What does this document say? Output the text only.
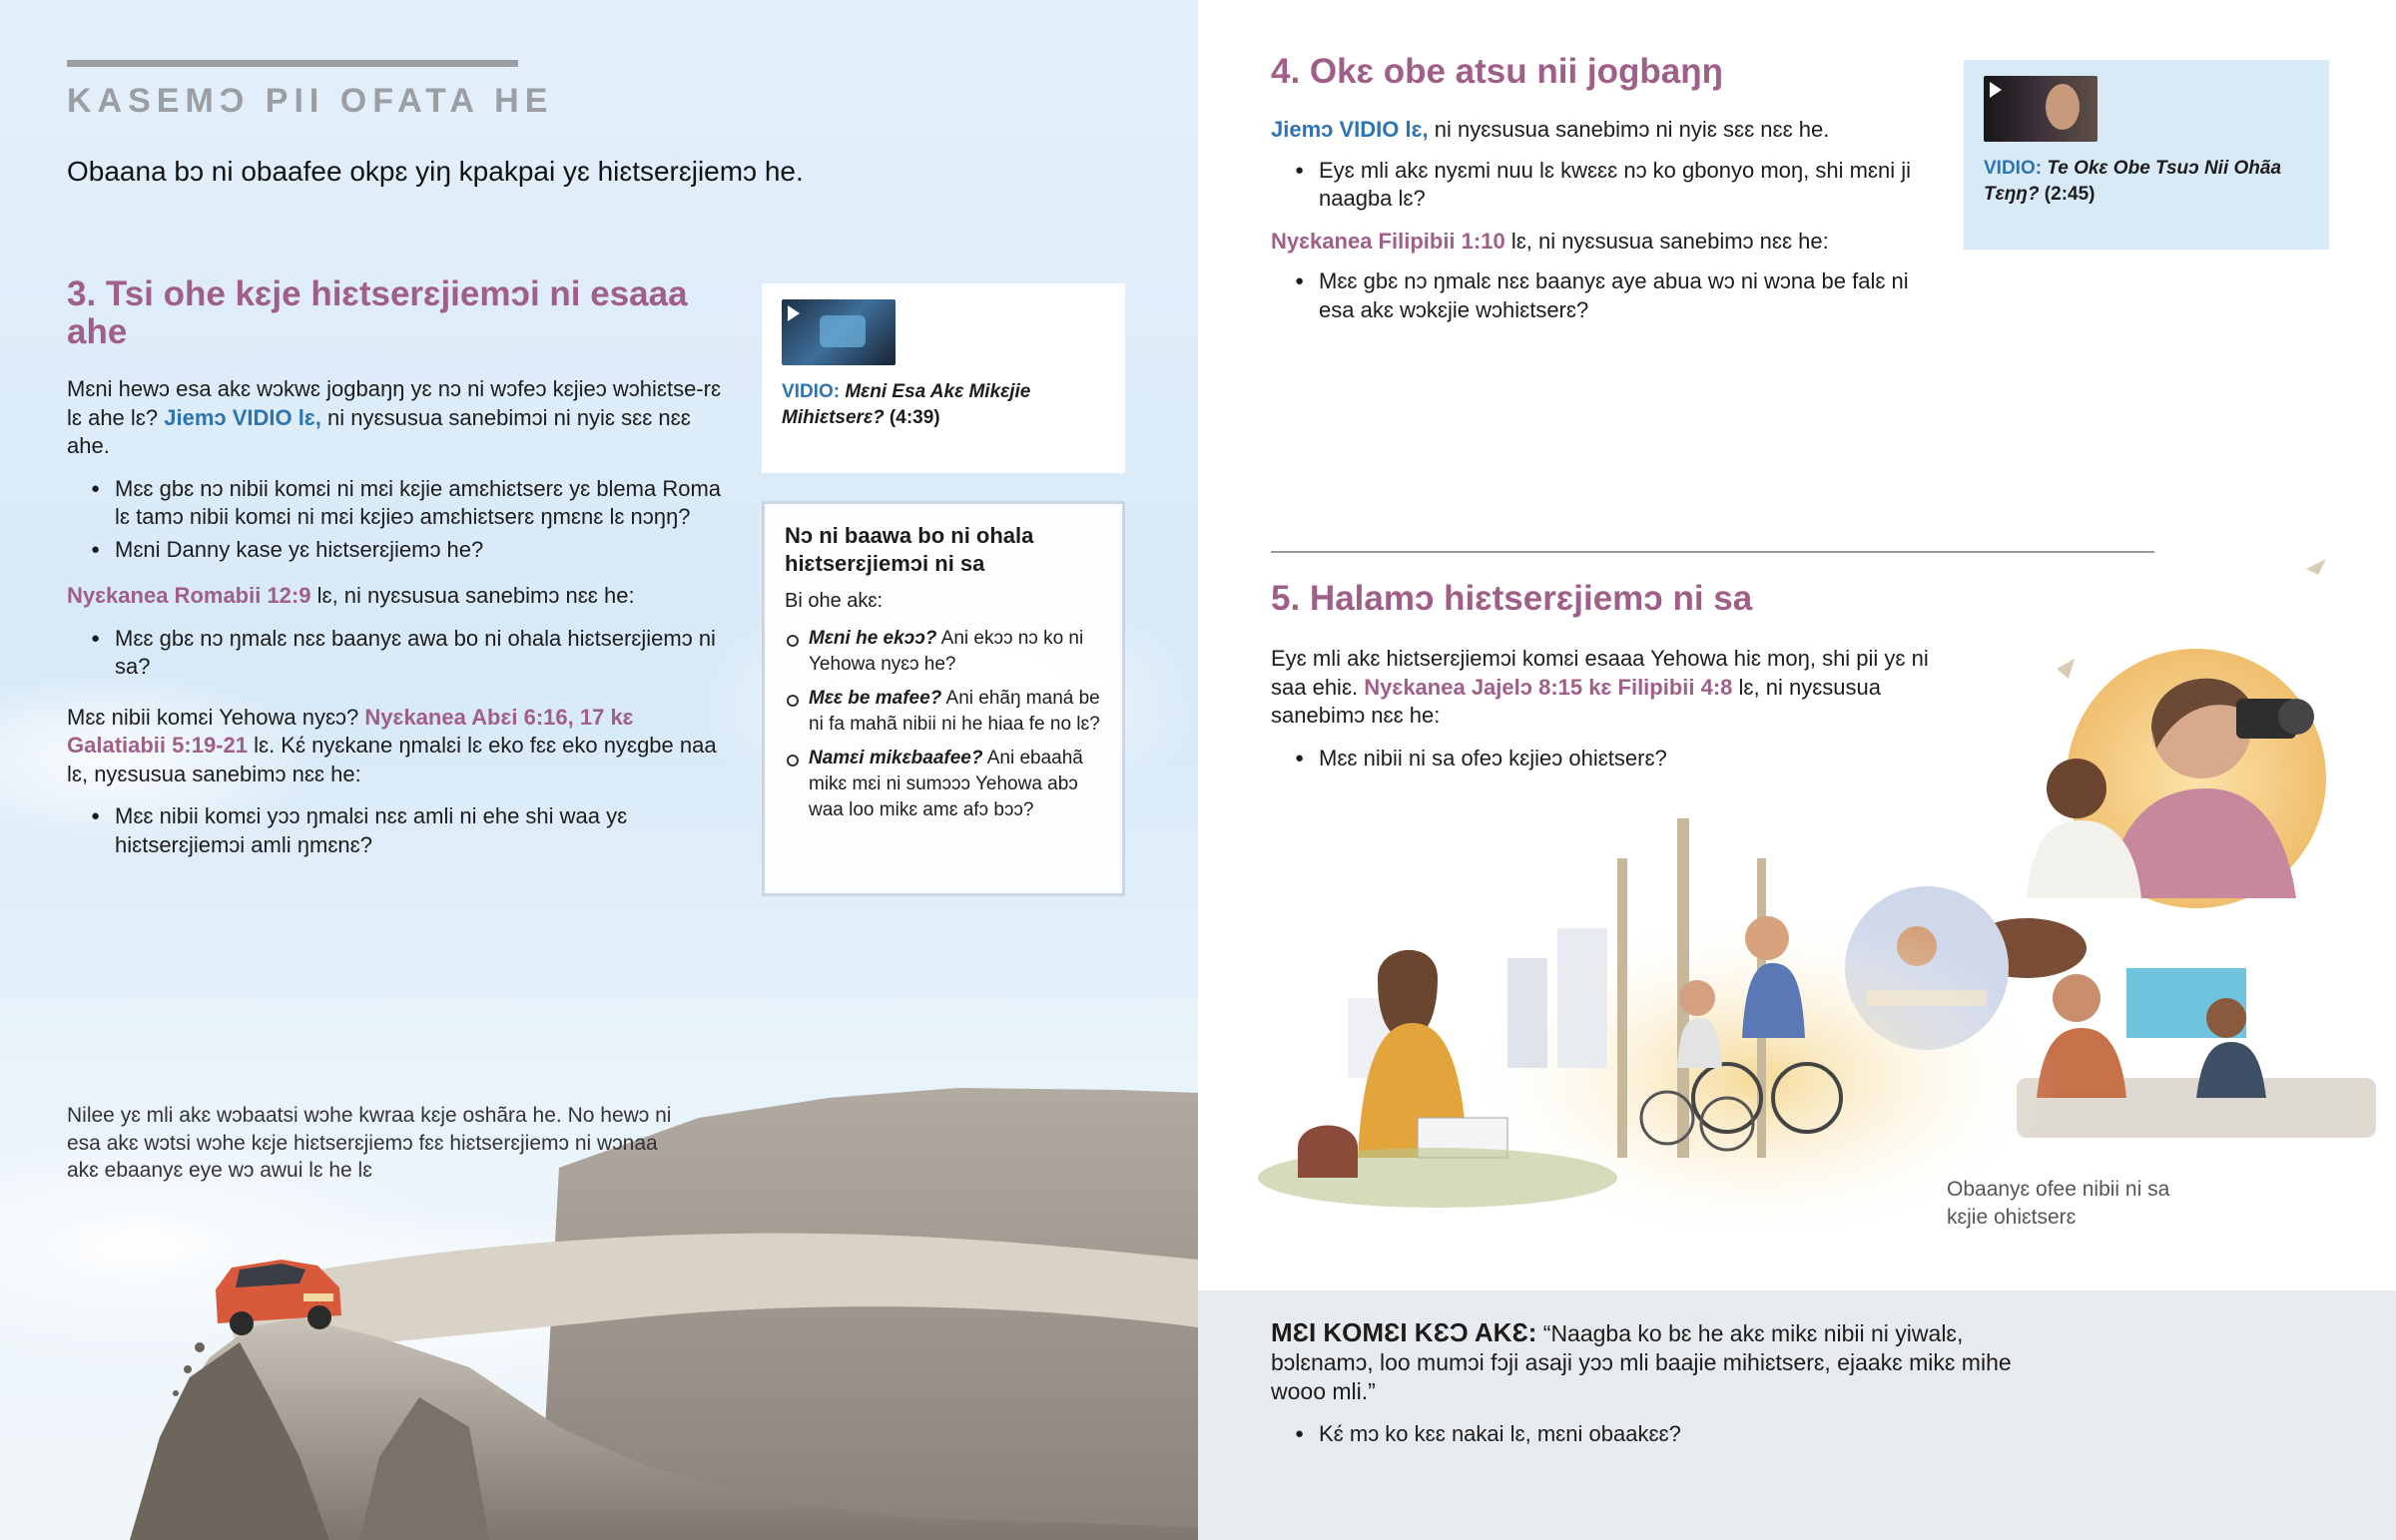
KASEMƆ PII OFATA HE
Obaana bɔ ni obaafee okpɛ yiŋ kpakpai yɛ hiɛtserɛjiemɔ he.
3. Tsi ohe kɛje hiɛtserɛjiemɔi ni esaaa ahe

Mɛni hewɔ esa akɛ wɔkwɛ jogbaŋŋ yɛ nɔ ni wɔfeɔ kɛjieɔ wɔhiɛtse-rɛ lɛ ahe lɛ? Jiemɔ VIDIO lɛ, ni nyɛsusua sanebimɔi ni nyiɛ sɛɛ nɛɛ ahe.

● Mɛɛ gbɛ nɔ nibii komɛi ni mɛi kɛjie amɛhiɛtserɛ yɛ blema Roma lɛ tamɔ nibii komɛi ni mɛi kɛjieɔ amɛhiɛtserɛ ŋmɛnɛ lɛ nɔŋŋ?
● Mɛni Danny kase yɛ hiɛtserɛjiemɔ he?

Nyɛkanea Romabii 12:9 lɛ, ni nyɛsusua sanebimɔ nɛɛ he:

● Mɛɛ gbɛ nɔ ŋmalɛ nɛɛ baanyɛ awa bo ni ohala hiɛtserɛjiemɔ ni sa?

Mɛɛ nibii komɛi Yehowa nyɛɔ? Nyɛkanea Abɛi 6:16, 17 kɛ Galatiabii 5:19-21 lɛ. Kɛ́ nyɛkane ŋmalɛi lɛ eko fɛɛ eko nyɛgbe naa lɛ, nyɛsusua sanebimɔ nɛɛ he:

● Mɛɛ nibii komɛi yɔɔ ŋmalɛi nɛɛ amli ni ehe shi waa yɛ hiɛtserɛjiemɔi amli ŋmɛnɛ?
VIDIO: Mɛni Esa Akɛ Mikɛjie Mihiɛtserɛ? (4:39)
Nɔ ni baawa bo ni ohala hiɛtserɛjiemɔi ni sa
Bi ohe akɛ:
Mɛni he ekɔɔ? Ani ekɔɔ nɔ ko ni Yehowa nyɛɔ he?
Mɛɛ be mafee? Ani ehãŋ maná be ni fa mahã nibii ni he hiaa fe no lɛ?
Namɛi mikɛbaafee? Ani ebaahã mikɛ mɛi ni sumɔɔɔ Yehowa abɔ waa loo mikɛ amɛ afɔ bɔɔ?
Nilee yɛ mli akɛ wɔbaatsi wɔhe kwraa kɛje oshãra he. No hewɔ ni esa akɛ wɔtsi wɔhe kɛje hiɛtserɛjiemɔ fɛɛ hiɛtserɛjiemɔ ni wɔnaa akɛ ebaanyɛ eye wɔ awui lɛ he lɛ
4. Okɛ obe atsu nii jogbaŋŋ

Jiemɔ VIDIO lɛ, ni nyɛsusua sanebimɔ ni nyiɛ sɛɛ nɛɛ he.

● Eyɛ mli akɛ nyɛmi nuu lɛ kwɛɛɛ nɔ ko gbonyo moŋ, shi mɛni ji naagba lɛ?

Nyɛkanea Filipibii 1:10 lɛ, ni nyɛsusua sanebimɔ nɛɛ he:

● Mɛɛ gbɛ nɔ ŋmalɛ nɛɛ baanyɛ aye abua wɔ ni wɔna be falɛ ni esa akɛ wɔkɛjie wɔhiɛtserɛ?
VIDIO: Te Okɛ Obe Tsuɔ Nii Ohãa Tɛŋŋ? (2:45)
5. Halamɔ hiɛtserɛjiemɔ ni sa

Eyɛ mli akɛ hiɛtserɛjiemɔi komɛi esaaa Yehowa hiɛ moŋ, shi pii yɛ ni saa ehiɛ. Nyɛkanea Jajelɔ 8:15 kɛ Filipibii 4:8 lɛ, ni nyɛsusua sanebimɔ nɛɛ he:

● Mɛɛ nibii ni sa ofeɔ kɛjieɔ ohiɛtserɛ?
Obaanyɛ ofee nibii ni sa kɛjie ohiɛtserɛ

MƐI KOMƐI KƐƆ AKƐ: “Naagba ko bɛ he akɛ mikɛ nibii ni yiwalɛ, bɔlɛnamɔ, loo mumɔi fɔji asaji yɔɔ mli baajie mihiɛtserɛ, ejaakɛ mikɛ mihe wooo mli.”

● Kɛ́ mɔ ko kɛɛ nakai lɛ, mɛni obaakɛɛ?
